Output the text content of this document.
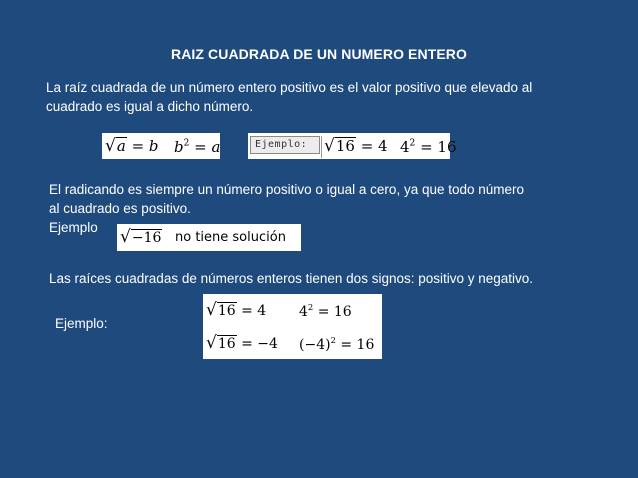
RAIZ CUADRADA DE UN NUMERO ENTERO
La raíz cuadrada de un número entero positivo es el valor positivo que elevado al
cuadrado es igual a dicho número.
√a = b $b^2 = a$	Ejemplo: √16 = 4 $4^2 = 16$
El radicando es siempre un número positivo o igual a cero, ya que todo número
al cuadrado es positivo.
Ejemplo	√−16 no tiene solución
Las raíces cuadradas de números enteros tienen dos signos: positivo y negativo.
Ejemplo:
√16 = 4 $4^2 = 16$
√16 = −4 $(-4)^2 = 16$
